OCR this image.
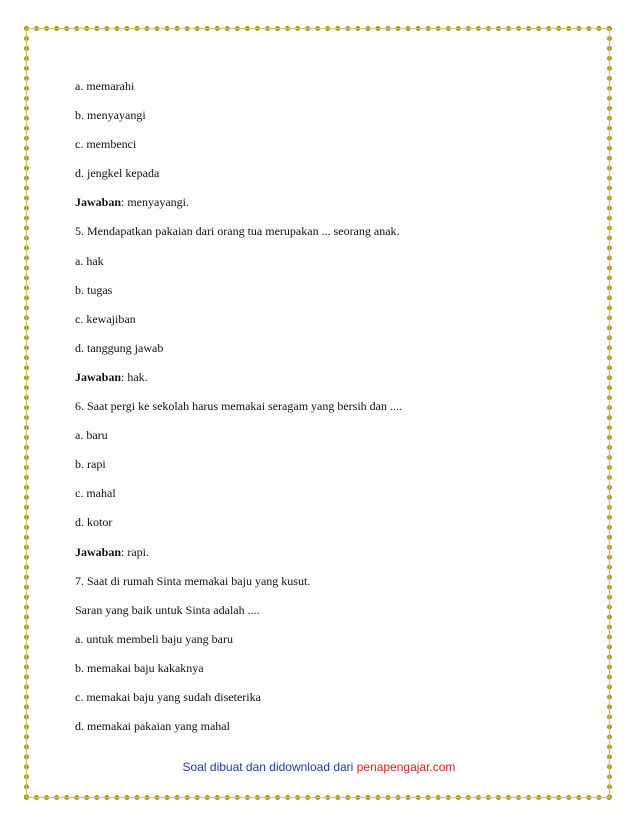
a. memarahi
b. menyayangi
c. membenci
d. jengkel kepada
Jawaban: menyayangi.
5. Mendapatkan pakaian dari orang tua merupakan ... seorang anak.
a. hak
b. tugas
c. kewajiban
d. tanggung jawab
Jawaban: hak.
6. Saat pergi ke sekolah harus memakai seragam yang bersih dan ....
a. baru
b. rapi
c. mahal
d. kotor
Jawaban: rapi.
7. Saat di rumah Sinta memakai baju yang kusut.
Saran yang baik untuk Sinta adalah ....
a. untuk membeli baju yang baru
b. memakai baju kakaknya
c. memakai baju yang sudah diseterika
d. memakai pakaian yang mahal
Soal dibuat dan didownload dari penapengajar.com
